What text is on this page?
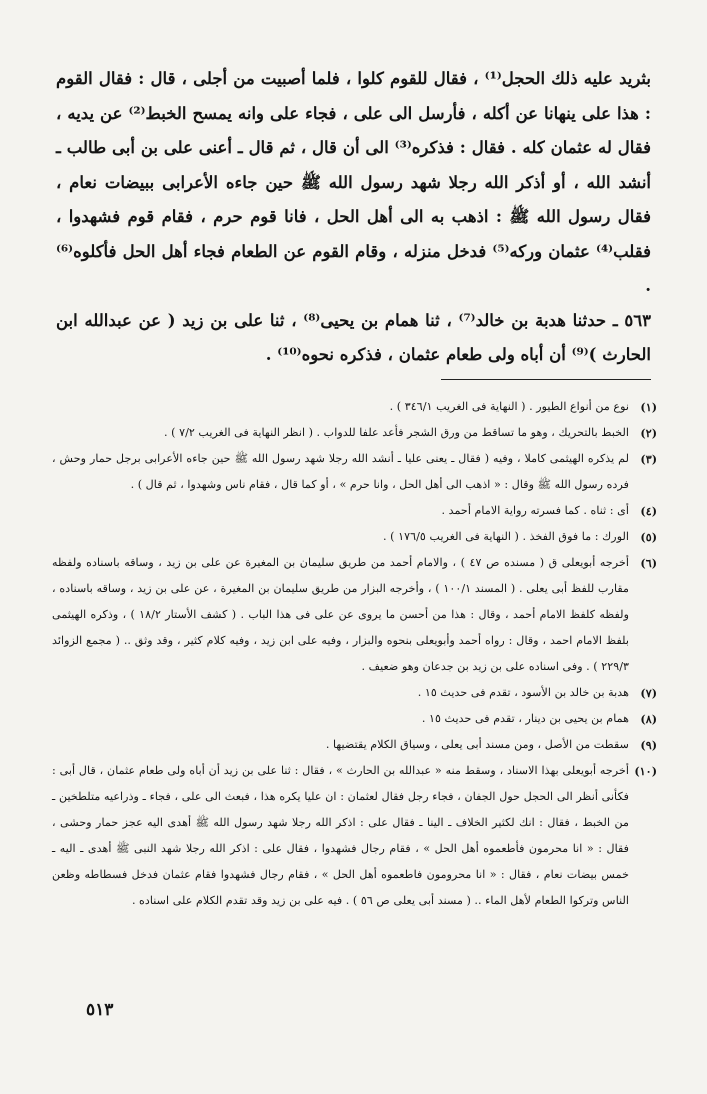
بثريد عليه ذلك الحجل⁽¹⁾ ، فقال للقوم كلوا ، فلما أصبيت من أجلى ، قال : فقال القوم : هذا على ينهانا عن أكله ، فأرسل الى على ، فجاء على وانه يمسح الخبط⁽²⁾ عن يديه ، فقال له عثمان كله . فقال : فذكره⁽³⁾ الى أن قال ، ثم قال ـ أعنى على بن أبى طالب ـ أنشد الله ، أو أذكر الله رجلا شهد رسول الله ﷺ حين جاءه الأعرابى ببيضات نعام ، فقال رسول الله ﷺ : اذهب به الى أهل الحل ، فانا قوم حرم ، فقام قوم فشهدوا ، فقلب⁽⁴⁾ عثمان وركه⁽⁵⁾ فدخل منزله ، وقام القوم عن الطعام فجاء أهل الحل فأكلوه⁽⁶⁾ .

٥٦٣ ـ حدثنا هدبة بن خالد⁽⁷⁾ ، ثنا همام بن يحيى⁽⁸⁾ ، ثنا على بن زيد ( عن عبدالله ابن الحارث )⁽⁹⁾ أن أباه ولى طعام عثمان ، فذكره نحوه⁽¹⁰⁾ .

(١)
نوع من أنواع الطيور . ( النهاية فى الغريب ٣٤٦/١ ) .
(٢)
الخبط بالتحريك ، وهو ما تساقط من ورق الشجر فأعد علفا للدواب . ( انظر النهاية فى الغريب ٧/٢ ) .
(٣)
لم يذكره الهيثمى كاملا ، وفيه ( فقال ـ يعنى عليا ـ أنشد الله رجلا شهد رسول الله ﷺ حين جاءه الأعرابى برجل حمار وحش ، فرده رسول الله ﷺ وقال : « اذهب الى أهل الحل ، وانا حرم » ، أو كما قال ، فقام ناس وشهدوا ، ثم قال ) .
(٤)
أى : ثناه . كما فسرته رواية الامام أحمد .
(٥)
الورك : ما فوق الفخذ . ( النهاية فى الغريب ١٧٦/٥ ) .
(٦)
أخرجه أبويعلى ق ( مسنده ص ٤٧ ) ، والامام أحمد من طريق سليمان بن المغيرة عن على بن زيد ، وساقه باسناده ولفظه مقارب للفظ أبى يعلى . ( المسند ١٠٠/١ ) ، وأخرجه البزار من طريق سليمان بن المغيرة ، عن على بن زيد ، وساقه باسناده ، ولفظه كلفظ الامام أحمد ، وقال : هذا من أحسن ما يروى عن على فى هذا الباب . ( كشف الأستار ١٨/٢ ) ، وذكره الهيثمى بلفظ الامام احمد ، وقال : رواه أحمد وأبويعلى بنحوه والبزار ، وفيه على ابن زيد ، وفيه كلام كثير ، وقد وثق .. ( مجمع الزوائد ٢٢٩/٣ ) . وفى اسناده على بن زيد بن جدعان وهو ضعيف .
(٧)
هدبة بن خالد بن الأسود ، تقدم فى حديث ١٥ .
(٨)
همام بن يحيى بن دينار ، تقدم فى حديث ١٥ .
(٩)
سقطت من الأصل ، ومن مسند أبى يعلى ، وسياق الكلام يقتضيها .
(١٠)
أخرجه أبويعلى بهذا الاسناد ، وسقط منه « عبدالله بن الحارث » ، فقال : ثنا على بن زيد أن أباه ولى طعام عثمان ، قال أبى : فكأنى أنظر الى الحجل حول الجفان ، فجاء رجل فقال لعثمان : ان عليا يكره هذا ، فبعث الى على ، فجاء ـ وذراعيه متلطخين ـ من الخبط ، فقال : انك لكثير الخلاف ـ الينا ـ فقال على : اذكر الله رجلا شهد رسول الله ﷺ أهدى اليه عجز حمار وحشى ، فقال : « انا محرمون فأطعموه أهل الحل » ، فقام رجال فشهدوا ، فقال على : اذكر الله رجلا شهد النبى ﷺ أهدى ـ اليه ـ خمس بيضات نعام ، فقال : « انا محرومون فاطعموه أهل الحل » ، فقام رجال فشهدوا فقام عثمان فدخل فسطاطه وظعن الناس وتركوا الطعام لأهل الماء .. ( مسند أبى يعلى ص ٥٦ ) . فيه على بن زيد وقد تقدم الكلام على اسناده .
٥١٣
